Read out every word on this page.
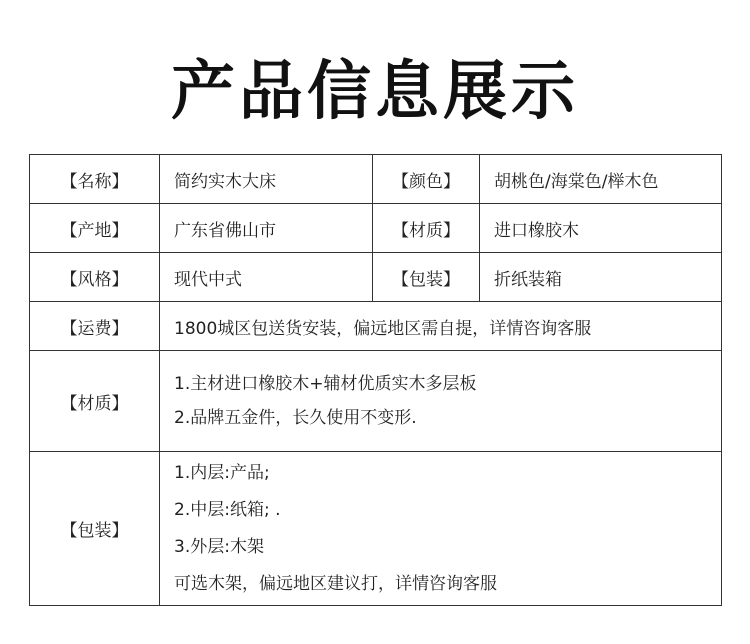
产品信息展示
【名称】	简约实木大床	【颜色】	胡桃色/海棠色/榉木色
【产地】	广东省佛山市	【材质】	进口橡胶木
【风格】	现代中式	【包装】	折纸装箱
【运费】	1800城区包送货安装，偏远地区需自提，详情咨询客服		
【材质】	1.主材进口橡胶木+辅材优质实木多层板
2.品牌五金件，长久使用不变形.		

【包装】	1.内层:产品;
2.中层:纸箱; .
3.外层:木架
可选木架，偏远地区建议打，详情咨询客服		
